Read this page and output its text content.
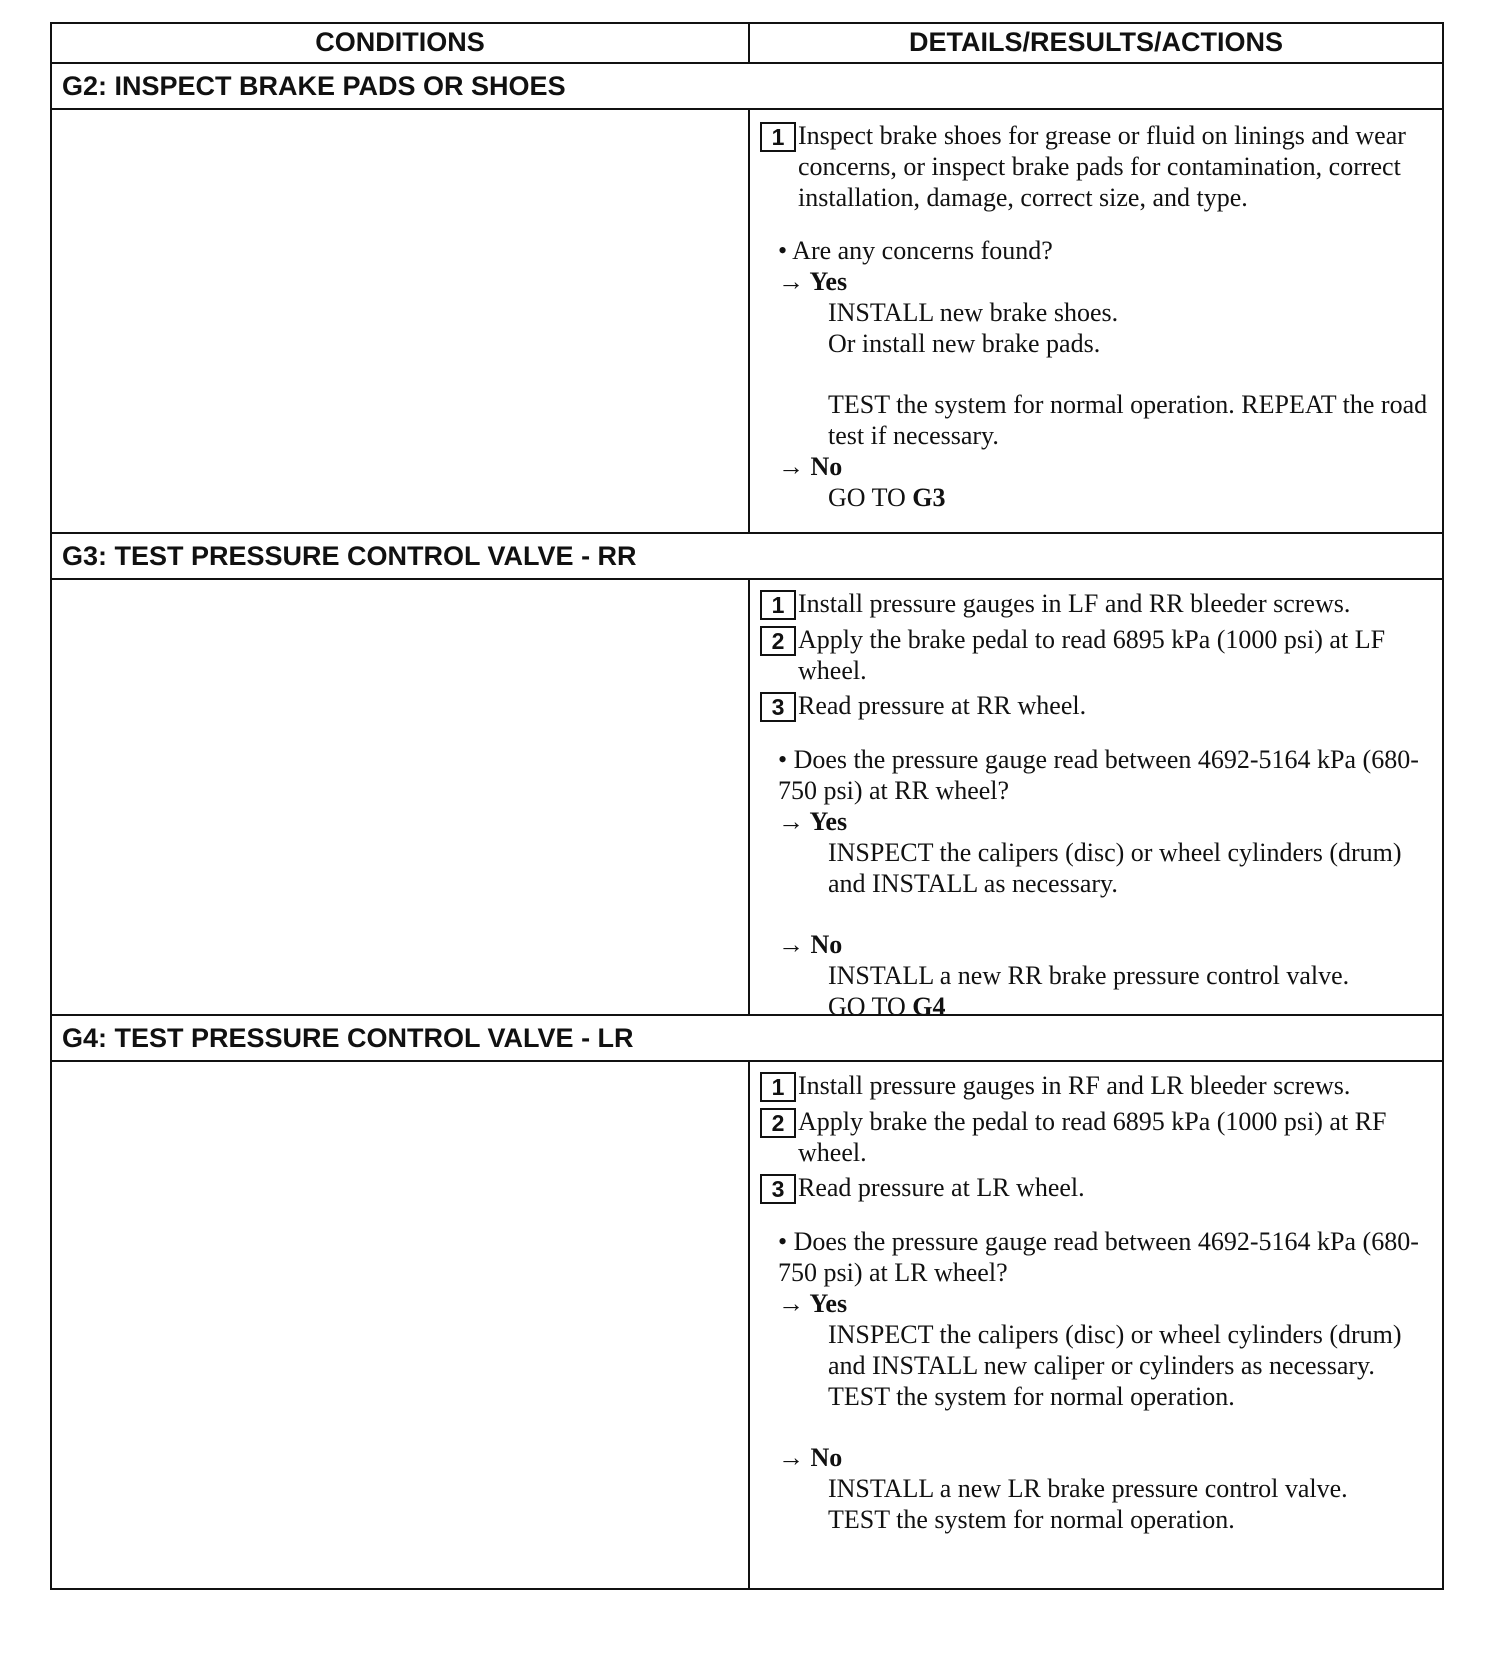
CONDITIONS	DETAILS/RESULTS/ACTIONS
G2: INSPECT BRAKE PADS OR SHOES
1 Inspect brake shoes for grease or fluid on linings and wear concerns, or inspect brake pads for contamination, correct installation, damage, correct size, and type.
• Are any concerns found?
→ Yes
INSTALL new brake shoes.
Or install new brake pads.
TEST the system for normal operation. REPEAT the road test if necessary.
→ No
GO TO G3
G3: TEST PRESSURE CONTROL VALVE - RR
1 Install pressure gauges in LF and RR bleeder screws.
2 Apply the brake pedal to read 6895 kPa (1000 psi) at LF wheel.
3 Read pressure at RR wheel.
• Does the pressure gauge read between 4692-5164 kPa (680-750 psi) at RR wheel?
→ Yes
INSPECT the calipers (disc) or wheel cylinders (drum) and INSTALL as necessary.
→ No
INSTALL a new RR brake pressure control valve.
GO TO G4
G4: TEST PRESSURE CONTROL VALVE - LR
1 Install pressure gauges in RF and LR bleeder screws.
2 Apply brake the pedal to read 6895 kPa (1000 psi) at RF wheel.
3 Read pressure at LR wheel.
• Does the pressure gauge read between 4692-5164 kPa (680-750 psi) at LR wheel?
→ Yes
INSPECT the calipers (disc) or wheel cylinders (drum) and INSTALL new caliper or cylinders as necessary. TEST the system for normal operation.
→ No
INSTALL a new LR brake pressure control valve.
TEST the system for normal operation.
